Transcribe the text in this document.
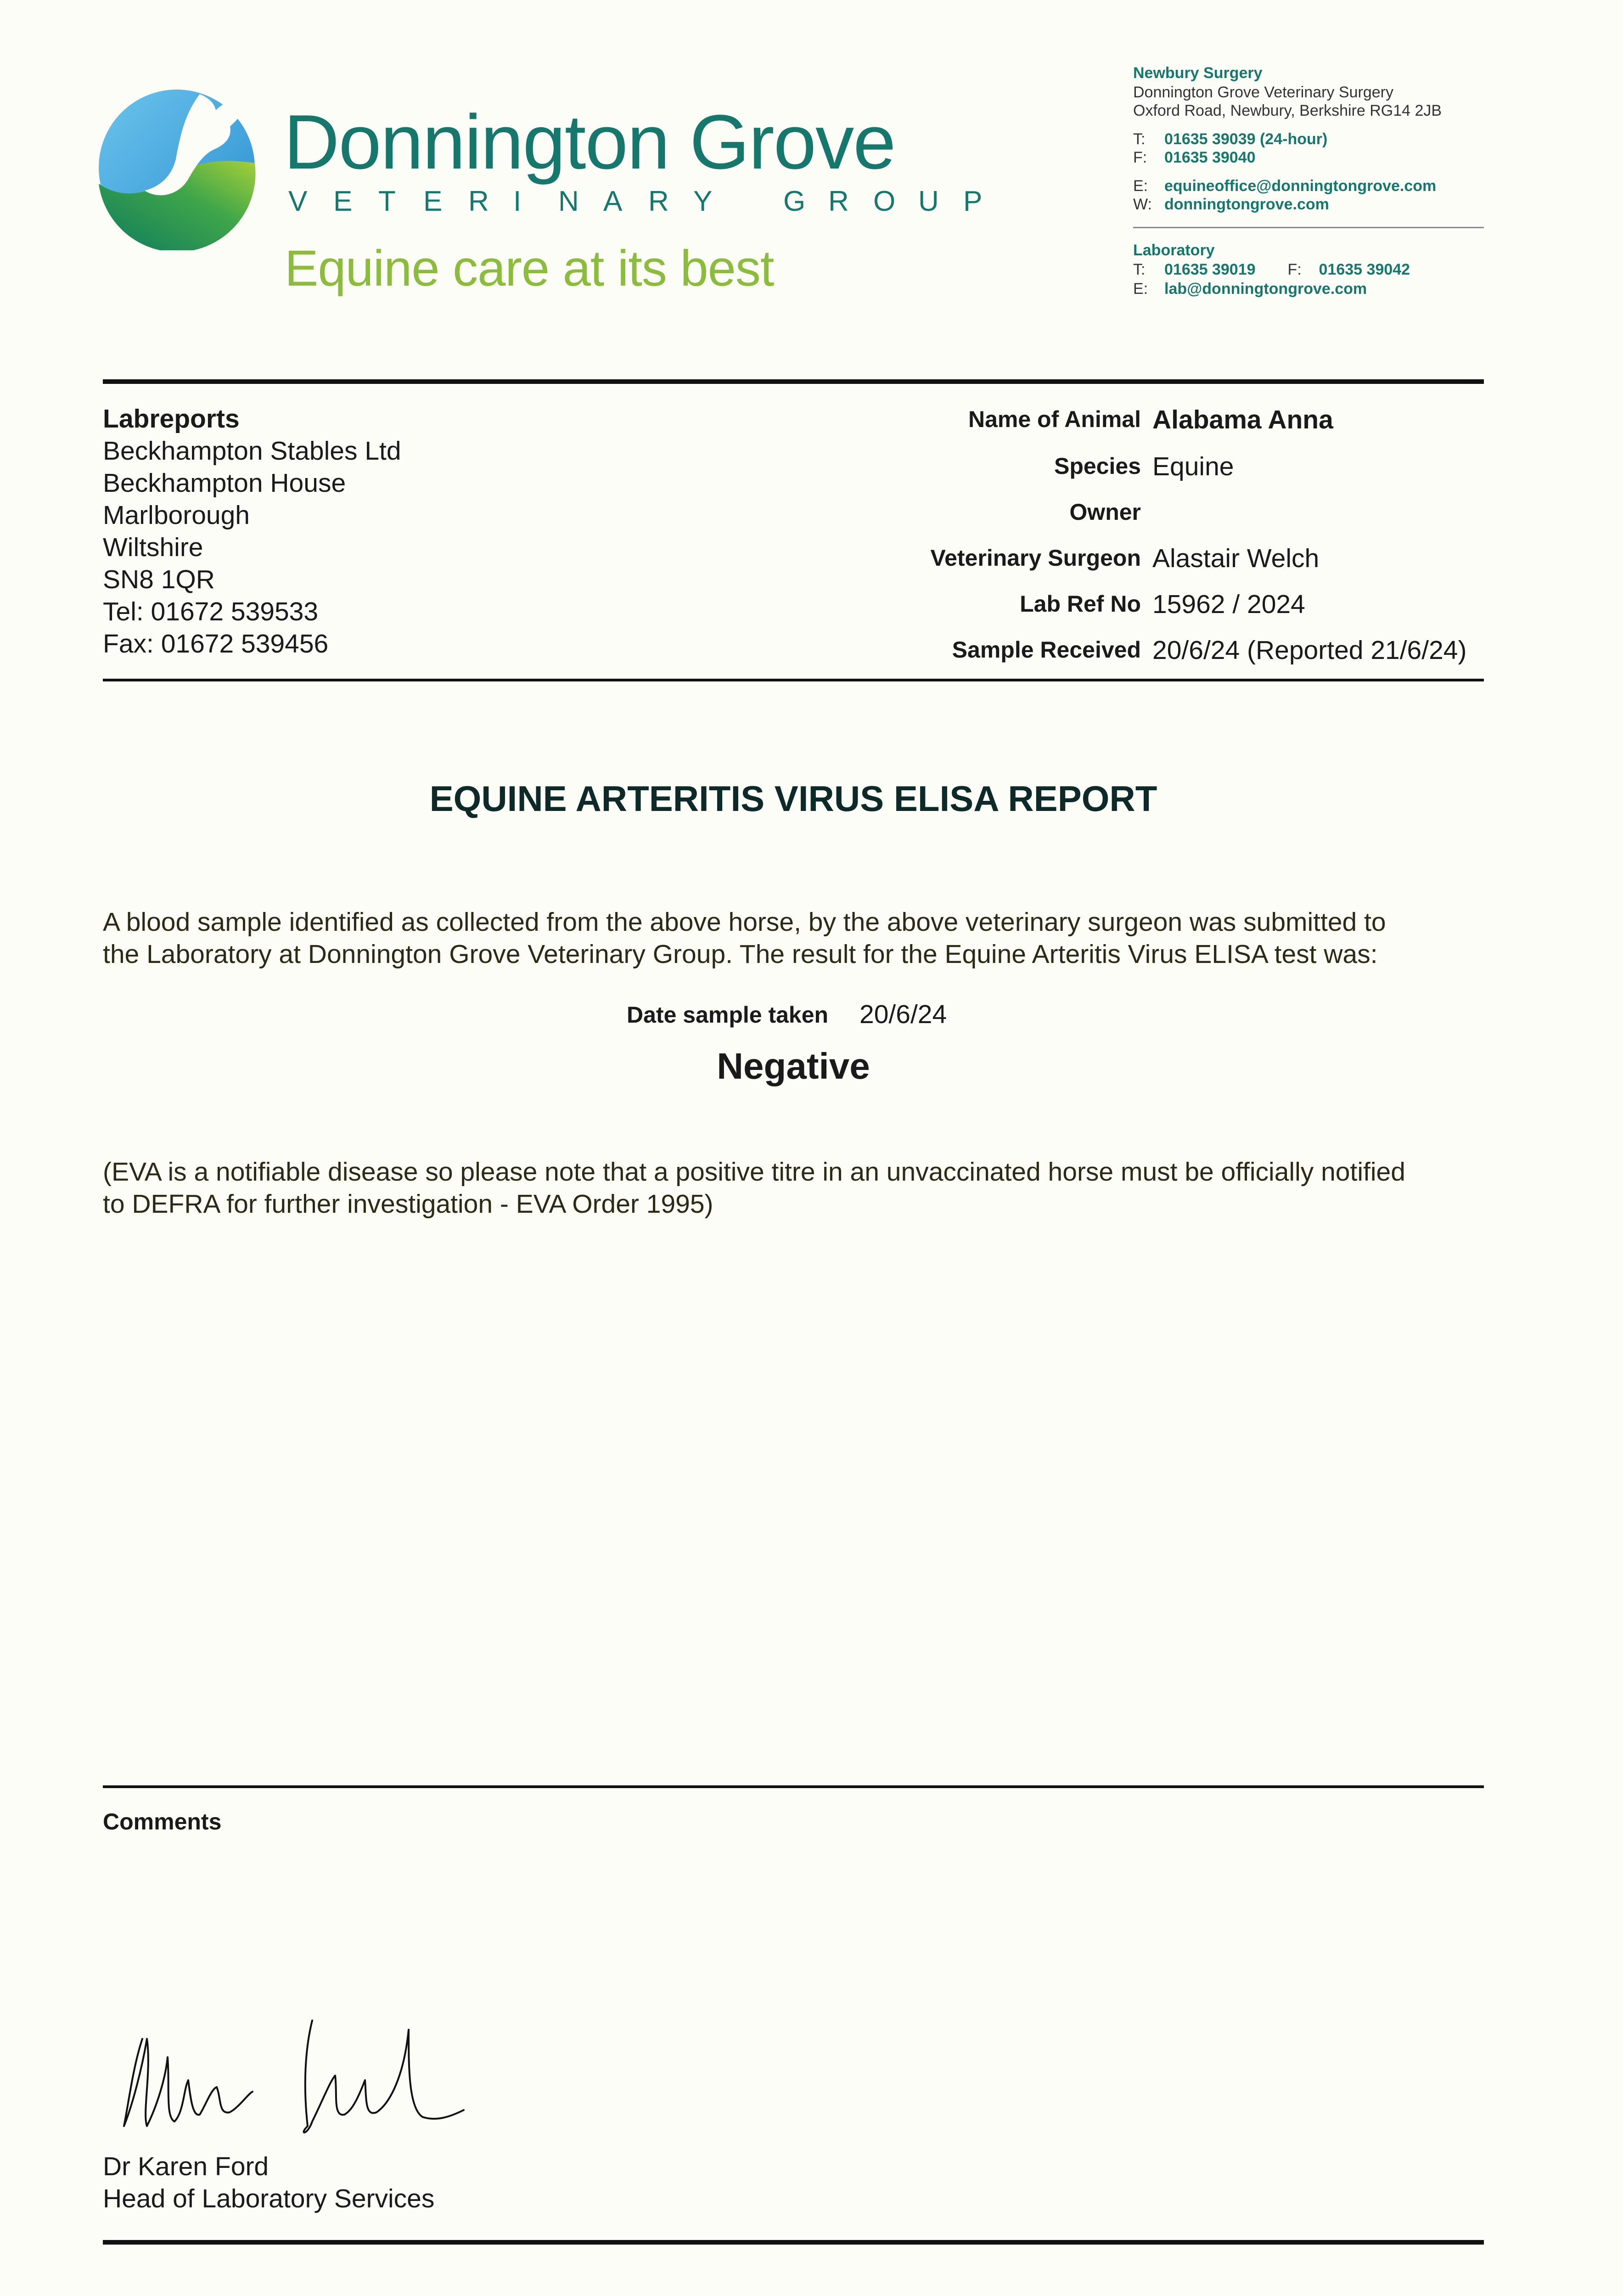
Donnington Grove
V E T E R I N A R Y G R O U P
Equine care at its best
Newbury Surgery
Donnington Grove Veterinary Surgery
Oxford Road, Newbury, Berkshire RG14 2JB
T: 01635 39039 (24-hour)
F: 01635 39040
E: equineoffice@donningtongrove.com
W: donningtongrove.com
Laboratory
T: 01635 39019 F: 01635 39042
E: lab@donningtongrove.com
Labreports
Beckhampton Stables Ltd
Beckhampton House
Marlborough
Wiltshire
SN8 1QR
Tel: 01672 539533
Fax: 01672 539456
Name of Animal Alabama Anna
Species Equine
Owner
Veterinary Surgeon Alastair Welch
Lab Ref No 15962 / 2024
Sample Received 20/6/24 (Reported 21/6/24)
EQUINE ARTERITIS VIRUS ELISA REPORT
A blood sample identified as collected from the above horse, by the above veterinary surgeon was submitted to
the Laboratory at Donnington Grove Veterinary Group. The result for the Equine Arteritis Virus ELISA test was:
Date sample taken 20/6/24
Negative
(EVA is a notifiable disease so please note that a positive titre in an unvaccinated horse must be officially notified
to DEFRA for further investigation - EVA Order 1995)
Comments
Dr Karen Ford
Head of Laboratory Services
